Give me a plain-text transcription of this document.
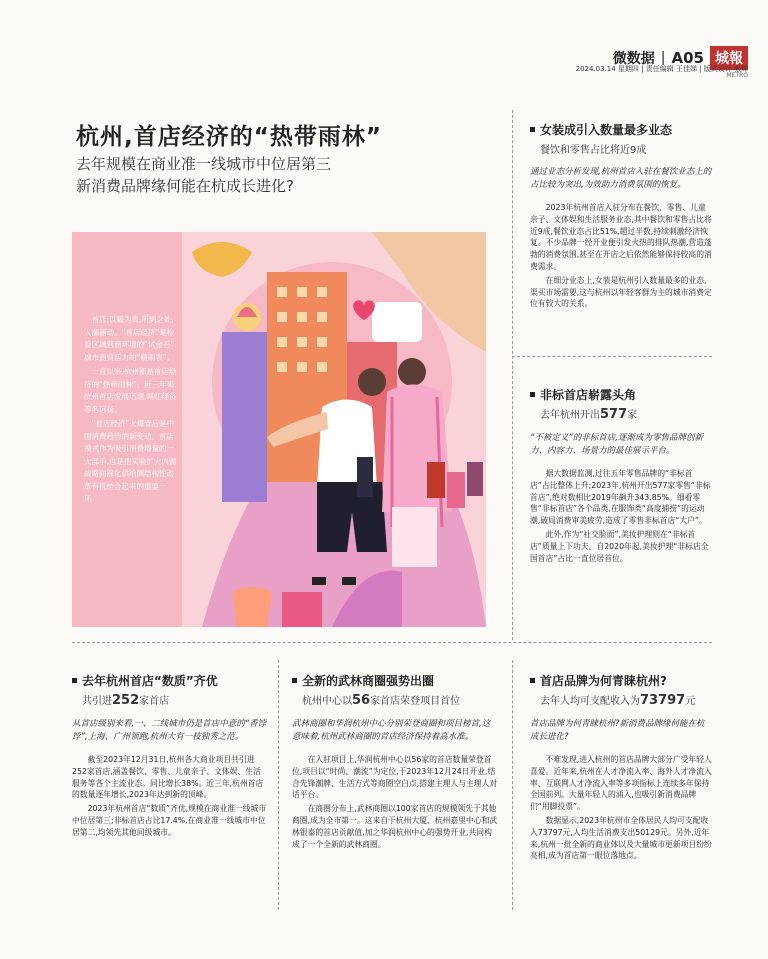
微数据 | A05 城報
2024.03.14 星期四 | 责任编辑 王佳娣 | 版式设计 张辉
METRO
杭州,首店经济的“热带雨林”
去年规模在商业准一线城市中位居第三
新消费品牌缘何能在杭成长进化?

首店,以稀为贵,所到之处,人潮涌动。“首店经济”是检验区域营商环境的“试金石”,城市商贸活力的“晴雨表”。

一直以来,杭州都是首店经济的“热带雨林”。近三年来,杭州首店发展迅速,网红经济等名远扬。

“首店经济”火爆背后是中国消费趋势的新变动。首店模式作为吸引消费增量的一大部手,也是把实验扩大内需战略同深化供给侧结构性改革有机结合起来的重要一环。

女装成引入数量最多业态
餐饮和零售占比将近9成
通过业态分析发现,杭州首店入驻在餐饮业态上的占比较为突出,为效助力消费氛围的恢复。

2023年杭州首店入驻分布在餐饮、零售、儿童亲子、文体娱和生活服务业态,其中餐饮和零售占比将近9成,餐饮业态占比51%,超过半数,持续刺激经济恢复。不少品牌一经开业便引发火热的排队热潮,营造蓬勃的消费氛围,甚至在开店之后依然能够保持较高的消费需求。

在细分业态上,女装是杭州引入数量最多的业态,渠买市场需要,这与杭州以年轻客群为主的城市消费定位有较大的关系。

非标首店崭露头角
去年杭州开出577家
“不被定义”的非标首店,逐渐成为零售品牌创新力、内容力、场景力的最佳展示平台。

据大数据监测,过往五年零售品牌的“非标首店”占比整体上升;2023年,杭州开出577家零售“非标首店”,绝对数相比2019年飙升343.85%。细看零售“非标首店”各个品类,在服饰类“高度捕捞”的运动潮,破局消费审美疲劳,造成了零售非标首店“大户”。

此外,作为“社交脸面”,美妆护理则在“非标首店”质量上下功夫。自2020年起,美妆护理“非标店全国首店”占比一直位居首位。

去年杭州首店“数质”齐优
共引进252家首店
从首店级别来看,一、二线城市仍是首店中意的“香饽饽”,上海、广州领跑,杭州大有一枝独秀之范。

截至2023年12月31日,杭州各大商业项目共引进252家首店,涵盖餐饮、零售、儿童亲子、文体娱、生活服务等各个主流业态。同比增长38%。近三年,杭州首店的数量逐年增长,2023年达到新的顶峰。

2023年杭州首店“数质”齐优,规模在商业准一线城市中位居第三;非标首店占比17.4%,在商业准一线城市中位居第二,均领先其他同级城市。

全新的武林商圈强势出圈
杭州中心以56家首店荣登项目首位
武林商圈和华润杭州中心分别荣登商圈和项目榜首,这意味着,杭州武林商圈的首店经济保持着高水准。

在入驻项目上,华润杭州中心以56家的首店数量荣登首位,项目以“时尚、潮流”为定位,于2023年12月24日开业,结合先锋潮牌、生活方式等商圈空白点,搭建主理人与主理人对话平台。

在商圈分布上,武林商圈以100家首店的规模领先于其他商圈,成为全市第一。这来自于杭州大厦、杭州嘉里中心和武林银泰的首店贡献值,加之华润杭州中心的强势开业,共同构成了一个全新的武林商圈。

首店品牌为何青睐杭州?
去年人均可支配收入为73797元
首店品牌为何青睐杭州?新消费品牌缘何能在杭成长进化?

不难发现,进入杭州的首店品牌大部分广受年轻人喜爱。近年来,杭州在人才净流入率、海外人才净流入率、互联网人才净流入率等多项指标上连续多年保持全国前列。大量年轻人的涌入,也吸引新消费品牌们“用脚投票”。

数据显示,2023年杭州市全体居民人均可支配收入73797元,人均生活消费支出50129元。另外,近年来,杭州一批全新的商业体以及大量城市更新项目纷纷亮相,成为首店第一眼位落地点。
